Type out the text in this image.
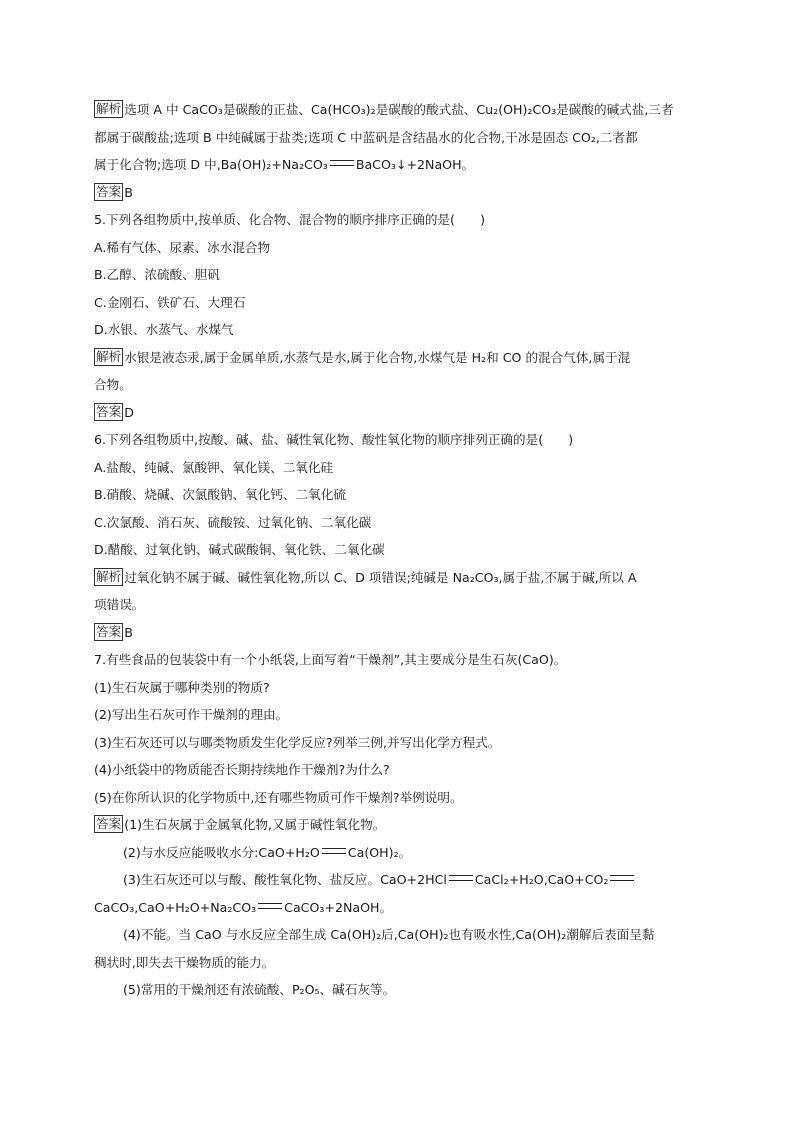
解析 选项 A 中 CaCO₃是碳酸的正盐、Ca(HCO₃)₂是碳酸的酸式盐、Cu₂(OH)₂CO₃是碳酸的碱式盐,三者
都属于碳酸盐;选项 B 中纯碱属于盐类;选项 C 中蓝矾是含结晶水的化合物,干冰是固态 CO₂,二者都
属于化合物;选项 D 中,Ba(OH)₂+Na₂CO₃ BaCO₃↓+2NaOH。
答案 B
5.下列各组物质中,按单质、化合物、混合物的顺序排序正确的是(　　)
A.稀有气体、尿素、冰水混合物
B.乙醇、浓硫酸、胆矾
C.金刚石、铁矿石、大理石
D.水银、水蒸气、水煤气
解析 水银是液态汞,属于金属单质,水蒸气是水,属于化合物,水煤气是 H₂和 CO 的混合气体,属于混
合物。
答案 D
6.下列各组物质中,按酸、碱、盐、碱性氧化物、酸性氧化物的顺序排列正确的是(　　)
A.盐酸、纯碱、氯酸钾、氧化镁、二氧化硅
B.硝酸、烧碱、次氯酸钠、氧化钙、二氧化硫
C.次氯酸、消石灰、硫酸铵、过氧化钠、二氧化碳
D.醋酸、过氧化钠、碱式碳酸铜、氧化铁、二氧化碳
解析 过氧化钠不属于碱、碱性氧化物,所以 C、D 项错误;纯碱是 Na₂CO₃,属于盐,不属于碱,所以 A
项错误。
答案 B
7.有些食品的包装袋中有一个小纸袋,上面写着“干燥剂”,其主要成分是生石灰(CaO)。
(1)生石灰属于哪种类别的物质?
(2)写出生石灰可作干燥剂的理由。
(3)生石灰还可以与哪类物质发生化学反应?列举三例,并写出化学方程式。
(4)小纸袋中的物质能否长期持续地作干燥剂?为什么?
(5)在你所认识的化学物质中,还有哪些物质可作干燥剂?举例说明。
答案 (1)生石灰属于金属氧化物,又属于碱性氧化物。
(2)与水反应能吸收水分:CaO+H₂O Ca(OH)₂。
(3)生石灰还可以与酸、酸性氧化物、盐反应。CaO+2HCl CaCl₂+H₂O,CaO+CO₂
CaCO₃,CaO+H₂O+Na₂CO₃ CaCO₃+2NaOH。
(4)不能。当 CaO 与水反应全部生成 Ca(OH)₂后,Ca(OH)₂也有吸水性,Ca(OH)₂潮解后表面呈黏
稠状时,即失去干燥物质的能力。
(5)常用的干燥剂还有浓硫酸、P₂O₅、碱石灰等。
